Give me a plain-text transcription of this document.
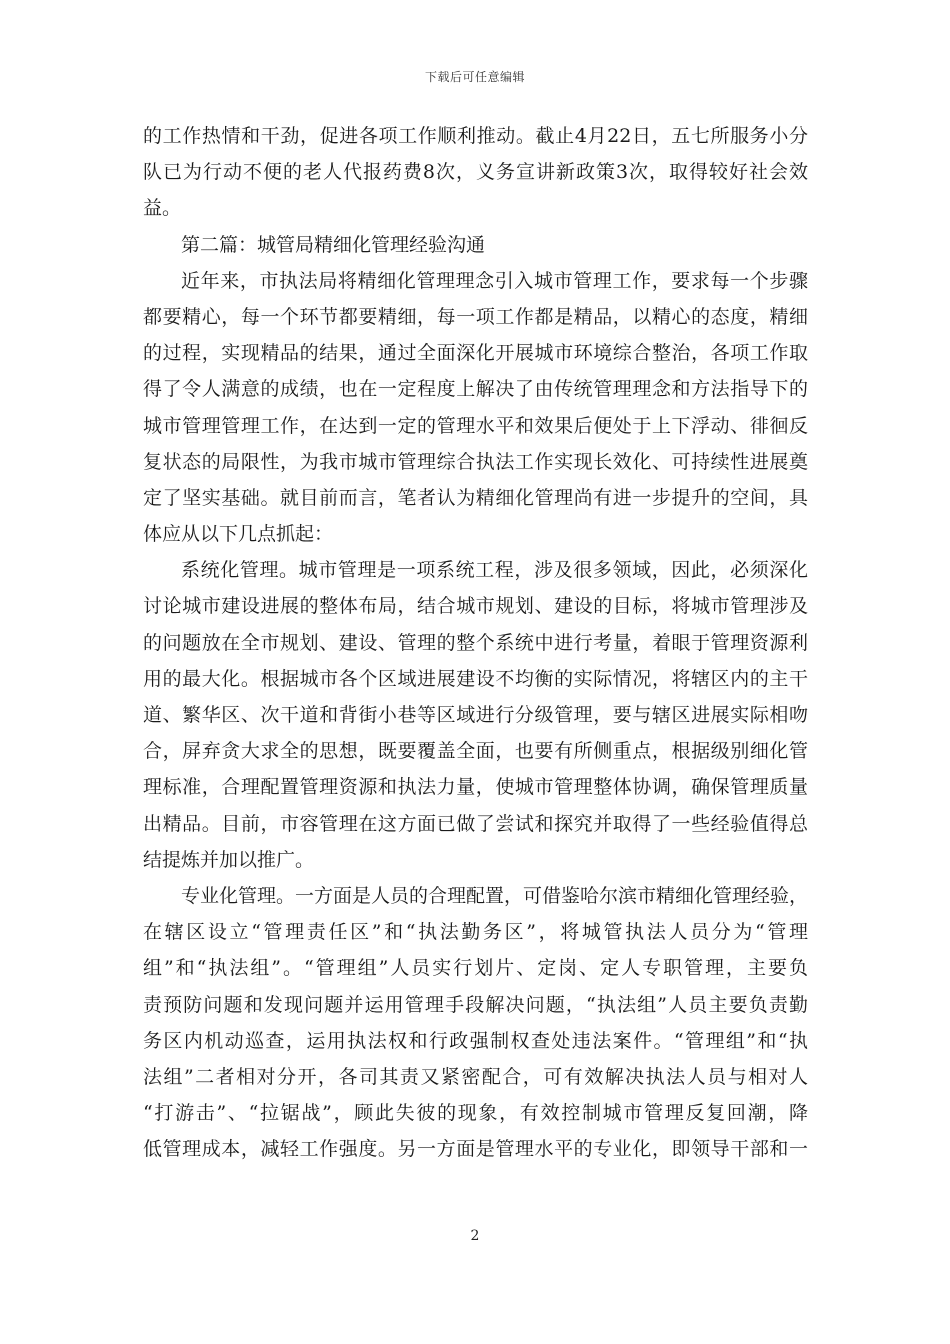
下载后可任意编辑
的工作热情和干劲，促进各项工作顺利推动。截止4月22日，五七所服务小分
队已为行动不便的老人代报药费8次，义务宣讲新政策3次，取得较好社会效
益。
第二篇：城管局精细化管理经验沟通
近年来，市执法局将精细化管理理念引入城市管理工作，要求每一个步骤
都要精心，每一个环节都要精细，每一项工作都是精品，以精心的态度，精细
的过程，实现精品的结果，通过全面深化开展城市环境综合整治，各项工作取
得了令人满意的成绩，也在一定程度上解决了由传统管理理念和方法指导下的
城市管理管理工作，在达到一定的管理水平和效果后便处于上下浮动、徘徊反
复状态的局限性，为我市城市管理综合执法工作实现长效化、可持续性进展奠
定了坚实基础。就目前而言，笔者认为精细化管理尚有进一步提升的空间，具
体应从以下几点抓起：
系统化管理。城市管理是一项系统工程，涉及很多领域，因此，必须深化
讨论城市建设进展的整体布局，结合城市规划、建设的目标，将城市管理涉及
的问题放在全市规划、建设、管理的整个系统中进行考量，着眼于管理资源利
用的最大化。根据城市各个区域进展建设不均衡的实际情况，将辖区内的主干
道、繁华区、次干道和背街小巷等区域进行分级管理，要与辖区进展实际相吻
合，屏弃贪大求全的思想，既要覆盖全面，也要有所侧重点，根据级别细化管
理标准，合理配置管理资源和执法力量，使城市管理整体协调，确保管理质量
出精品。目前，市容管理在这方面已做了尝试和探究并取得了一些经验值得总
结提炼并加以推广。
专业化管理。一方面是人员的合理配置，可借鉴哈尔滨市精细化管理经验，
在辖区设立“管理责任区”和“执法勤务区”，将城管执法人员分为“管理
组”和“执法组”。“管理组”人员实行划片、定岗、定人专职管理，主要负
责预防问题和发现问题并运用管理手段解决问题，“执法组”人员主要负责勤
务区内机动巡查，运用执法权和行政强制权查处违法案件。“管理组”和“执
法组”二者相对分开，各司其责又紧密配合，可有效解决执法人员与相对人
“打游击”、“拉锯战”，顾此失彼的现象，有效控制城市管理反复回潮，降
低管理成本，减轻工作强度。另一方面是管理水平的专业化，即领导干部和一
2
